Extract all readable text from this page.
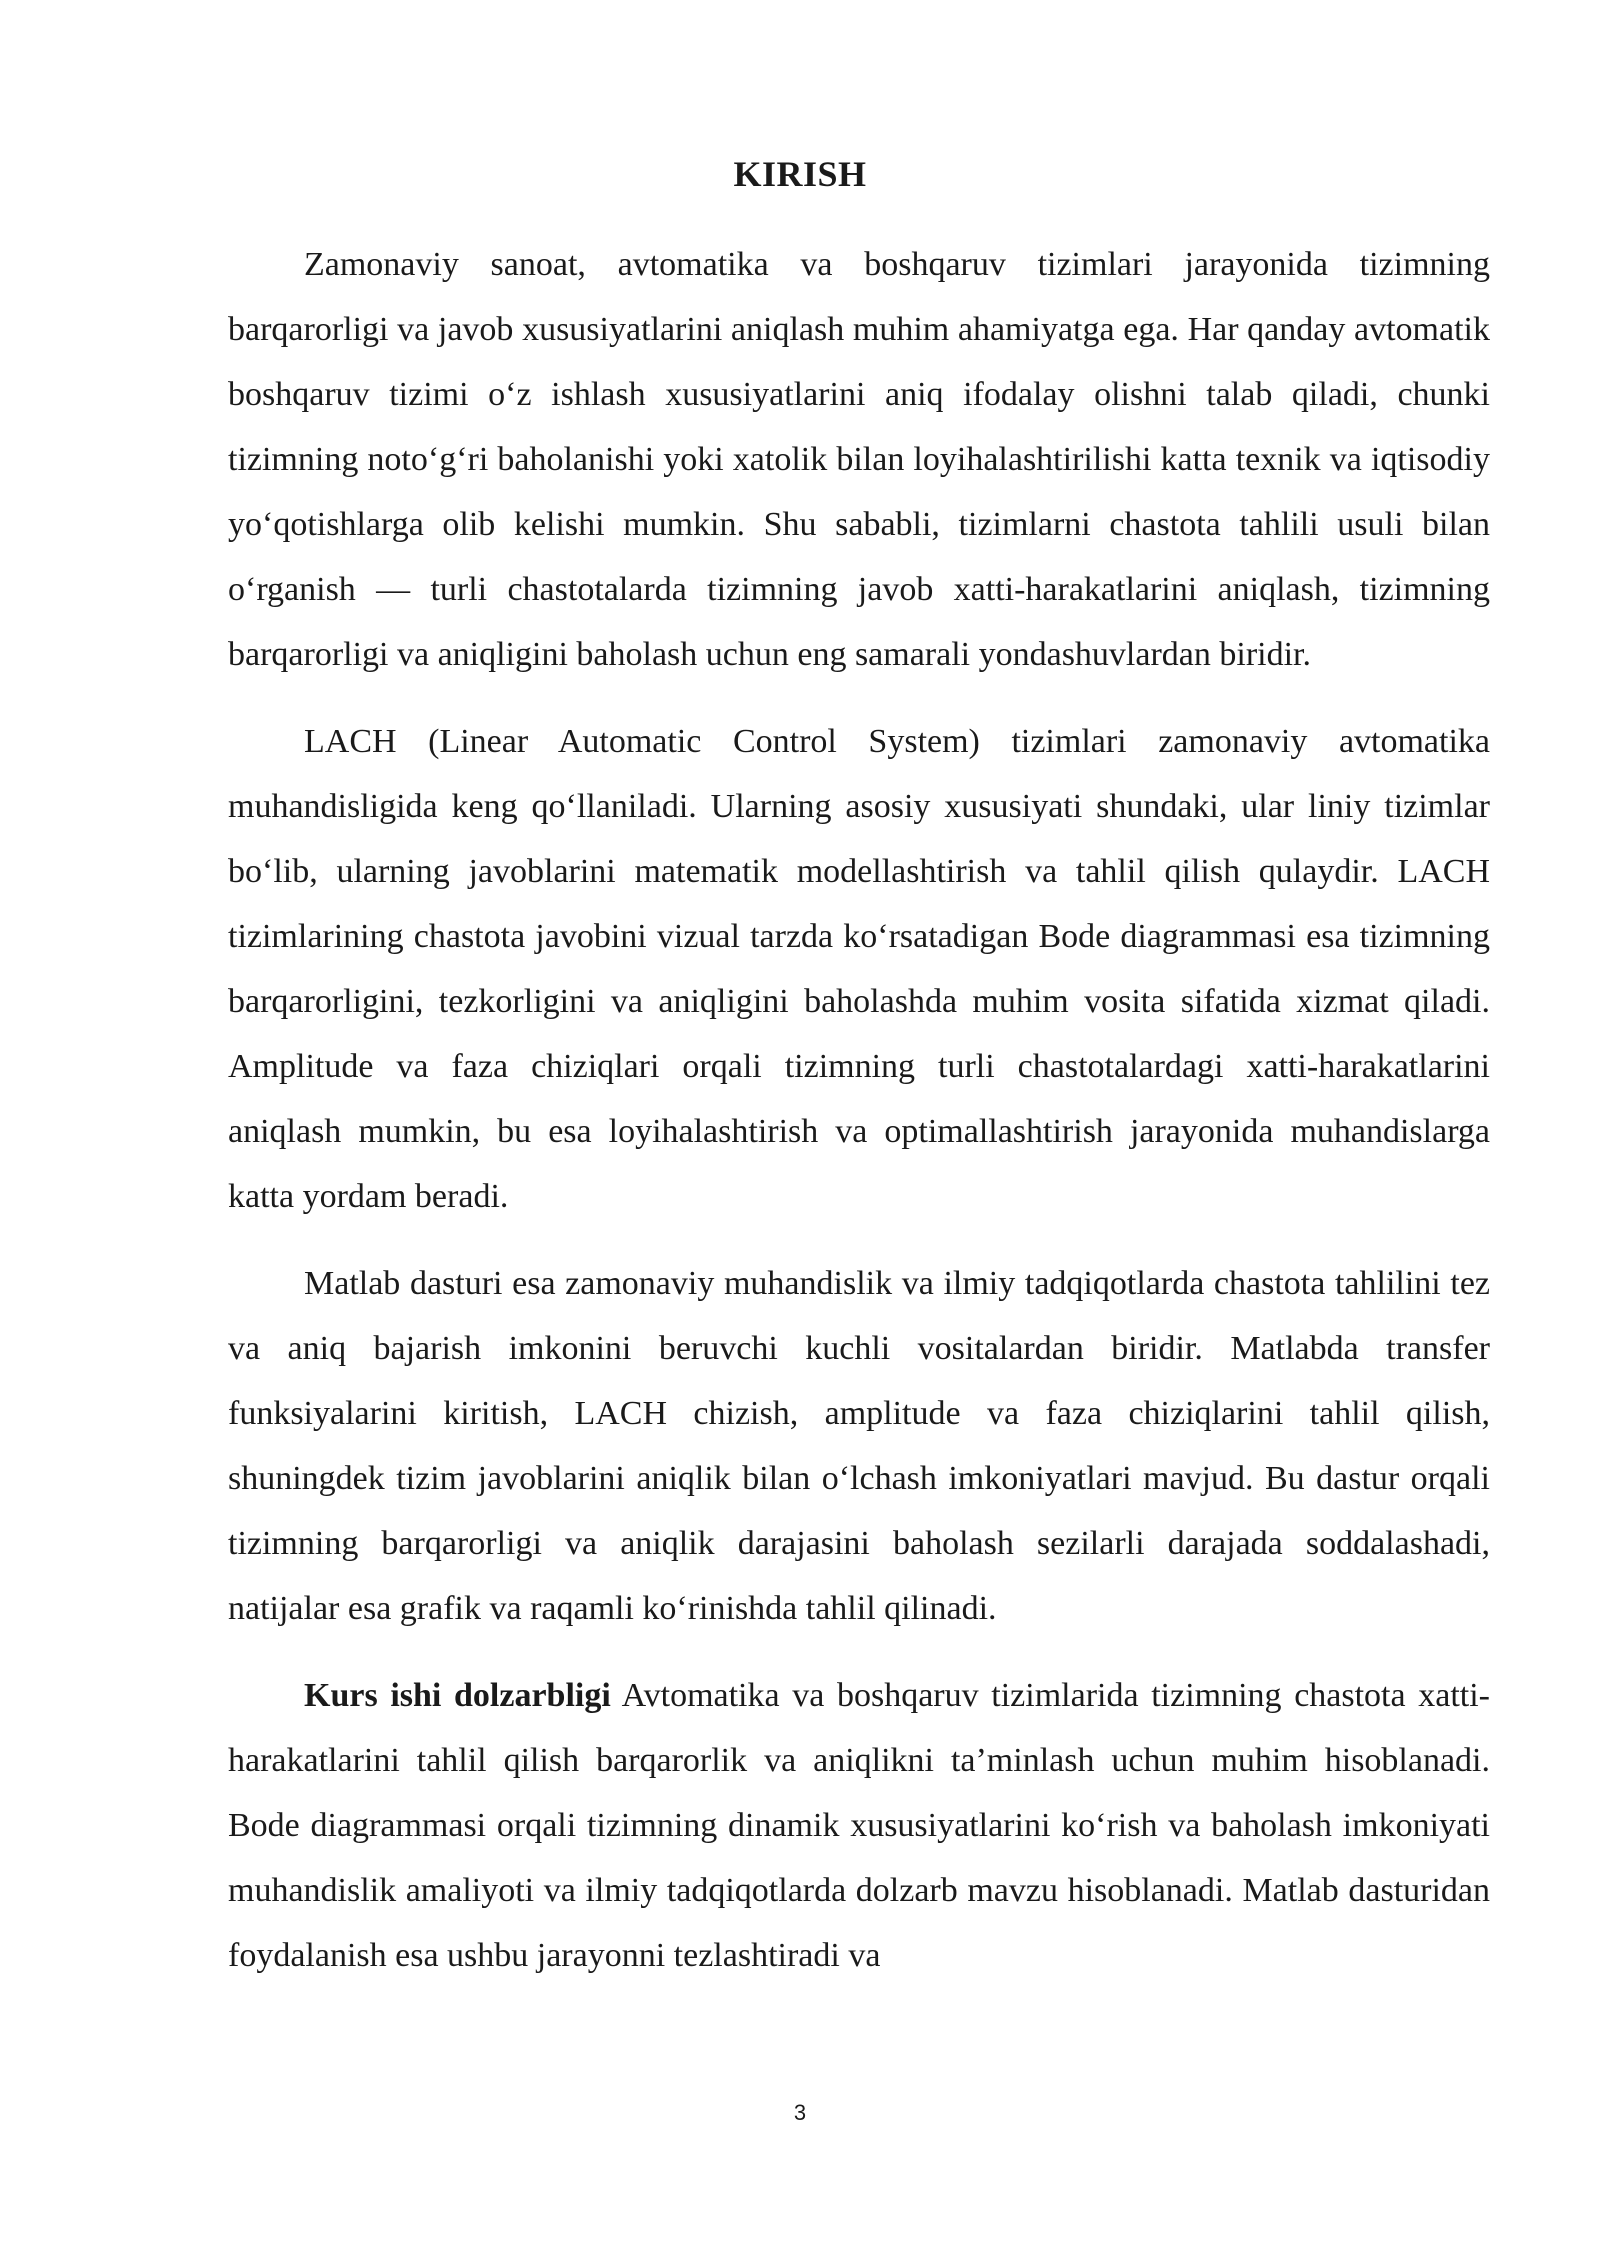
KIRISH

Zamonaviy sanoat, avtomatika va boshqaruv tizimlari jarayonida tizimning barqarorligi va javob xususiyatlarini aniqlash muhim ahamiyatga ega. Har qanday avtomatik boshqaruv tizimi o‘z ishlash xususiyatlarini aniq ifodalay olishni talab qiladi, chunki tizimning noto‘g‘ri baholanishi yoki xatolik bilan loyihalashtirilishi katta texnik va iqtisodiy yo‘qotishlarga olib kelishi mumkin. Shu sababli, tizimlarni chastota tahlili usuli bilan o‘rganish — turli chastotalarda tizimning javob xatti-harakatlarini aniqlash, tizimning barqarorligi va aniqligini baholash uchun eng samarali yondashuvlardan biridir.

LACH (Linear Automatic Control System) tizimlari zamonaviy avtomatika muhandisligida keng qo‘llaniladi. Ularning asosiy xususiyati shundaki, ular liniy tizimlar bo‘lib, ularning javoblarini matematik modellashtirish va tahlil qilish qulaydir. LACH tizimlarining chastota javobini vizual tarzda ko‘rsatadigan Bode diagrammasi esa tizimning barqarorligini, tezkorligini va aniqligini baholashda muhim vosita sifatida xizmat qiladi. Amplitude va faza chiziqlari orqali tizimning turli chastotalardagi xatti-harakatlarini aniqlash mumkin, bu esa loyihalashtirish va optimallashtirish jarayonida muhandislarga katta yordam beradi.

Matlab dasturi esa zamonaviy muhandislik va ilmiy tadqiqotlarda chastota tahlilini tez va aniq bajarish imkonini beruvchi kuchli vositalardan biridir. Matlabda transfer funksiyalarini kiritish, LACH chizish, amplitude va faza chiziqlarini tahlil qilish, shuningdek tizim javoblarini aniqlik bilan o‘lchash imkoniyatlari mavjud. Bu dastur orqali tizimning barqarorligi va aniqlik darajasini baholash sezilarli darajada soddalashadi, natijalar esa grafik va raqamli ko‘rinishda tahlil qilinadi.

Kurs ishi dolzarbligi Avtomatika va boshqaruv tizimlarida tizimning chastota xatti-harakatlarini tahlil qilish barqarorlik va aniqlikni ta’minlash uchun muhim hisoblanadi. Bode diagrammasi orqali tizimning dinamik xususiyatlarini ko‘rish va baholash imkoniyati muhandislik amaliyoti va ilmiy tadqiqotlarda dolzarb mavzu hisoblanadi. Matlab dasturidan foydalanish esa ushbu jarayonni tezlashtiradi va

3
